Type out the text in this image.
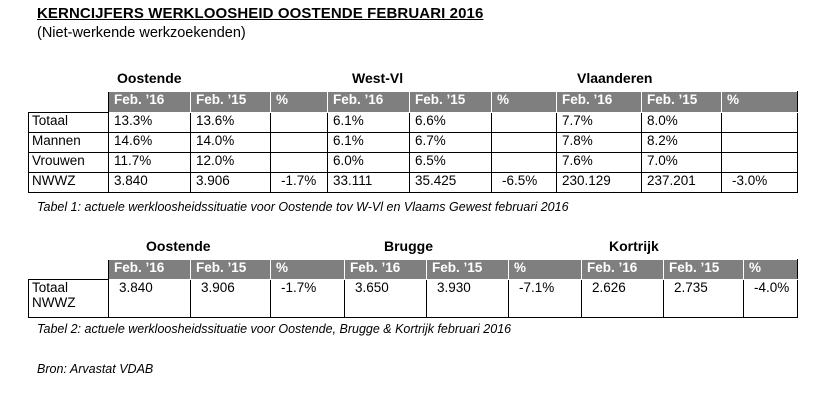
KERNCIJFERS WERKLOOSHEID OOSTENDE FEBRUARI 2016
(Niet-werkende werkzoekenden)
Oostende	West-Vl	Vlaanderen
	Feb. ’16	Feb. ’15	%	Feb. ’16	Feb. ’15	%	Feb. ’16	Feb. ’15	%
Totaal	13.3%	13.6%		6.1%	6.6%		7.7%	8.0%	
Mannen	14.6%	14.0%		6.1%	6.7%		7.8%	8.2%	
Vrouwen	11.7%	12.0%		6.0%	6.5%		7.6%	7.0%	
NWWZ	3.840	3.906	-1.7%	33.111	35.425	-6.5%	230.129	237.201	-3.0%
Tabel 1: actuele werkloosheidssituatie voor Oostende tov W-Vl en Vlaams Gewest februari 2016
Oostende	Brugge	Kortrijk
	Feb. ’16	Feb. ’15	%	Feb. ’16	Feb. ’15	%	Feb. ’16	Feb. ’15	%

Totaal
NWWZ	3.840	3.906	-1.7%	3.650	3.930	-7.1%	2.626	2.735	-4.0%
Tabel 2: actuele werkloosheidssituatie voor Oostende, Brugge & Kortrijk februari 2016
Bron: Arvastat VDAB
